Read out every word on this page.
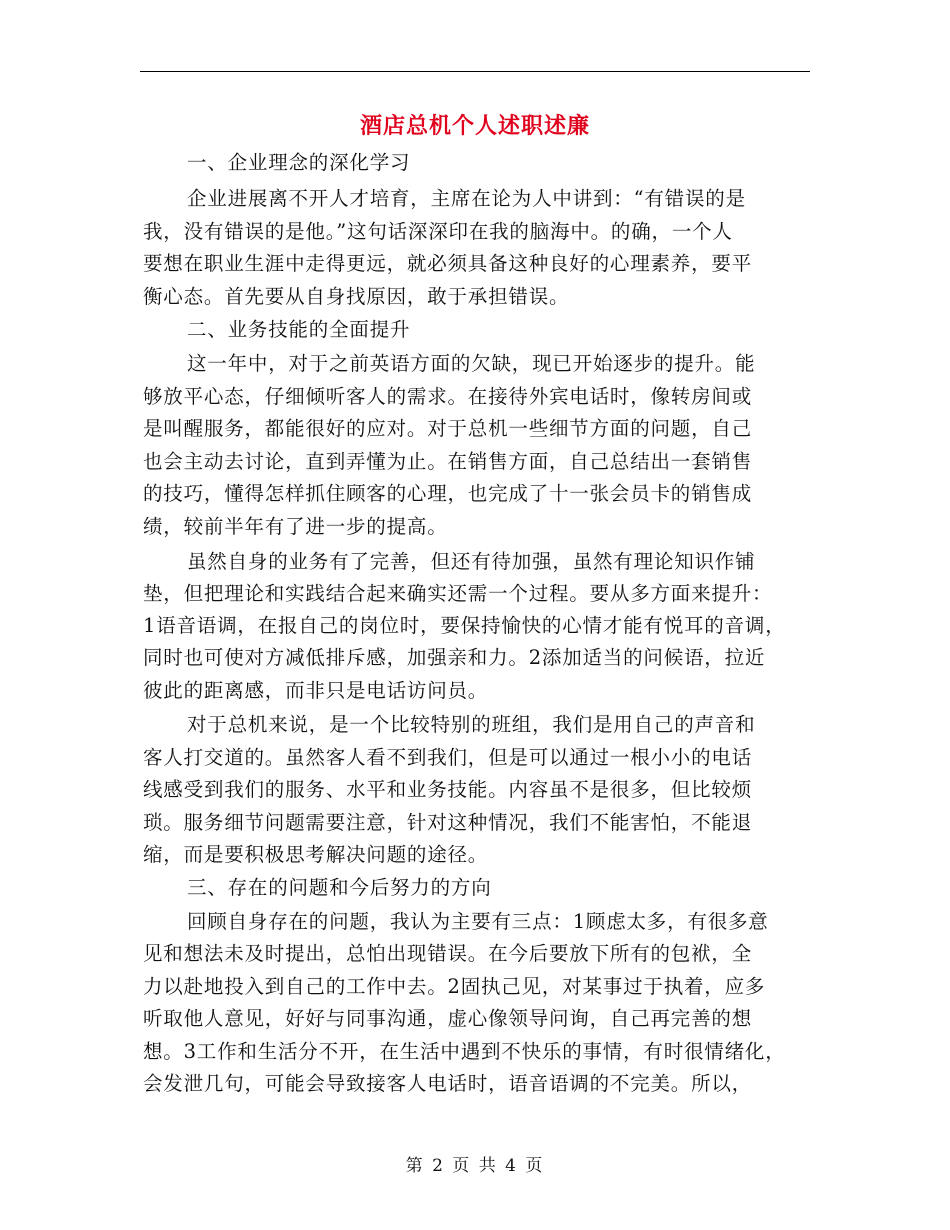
酒店总机个人述职述廉
一、企业理念的深化学习
企业进展离不开人才培育，主席在论为人中讲到：“有错误的是
我，没有错误的是他。”这句话深深印在我的脑海中。的确，一个人
要想在职业生涯中走得更远，就必须具备这种良好的心理素养，要平
衡心态。首先要从自身找原因，敢于承担错误。
二、业务技能的全面提升
这一年中，对于之前英语方面的欠缺，现已开始逐步的提升。能
够放平心态，仔细倾听客人的需求。在接待外宾电话时，像转房间或
是叫醒服务，都能很好的应对。对于总机一些细节方面的问题，自己
也会主动去讨论，直到弄懂为止。在销售方面，自己总结出一套销售
的技巧，懂得怎样抓住顾客的心理，也完成了十一张会员卡的销售成
绩，较前半年有了进一步的提高。
虽然自身的业务有了完善，但还有待加强，虽然有理论知识作铺
垫，但把理论和实践结合起来确实还需一个过程。要从多方面来提升：
1语音语调，在报自己的岗位时，要保持愉快的心情才能有悦耳的音调，
同时也可使对方减低排斥感，加强亲和力。2添加适当的问候语，拉近
彼此的距离感，而非只是电话访问员。
对于总机来说，是一个比较特别的班组，我们是用自己的声音和
客人打交道的。虽然客人看不到我们，但是可以通过一根小小的电话
线感受到我们的服务、水平和业务技能。内容虽不是很多，但比较烦
琐。服务细节问题需要注意，针对这种情况，我们不能害怕，不能退
缩，而是要积极思考解决问题的途径。
三、存在的问题和今后努力的方向
回顾自身存在的问题，我认为主要有三点：1顾虑太多，有很多意
见和想法未及时提出，总怕出现错误。在今后要放下所有的包袱，全
力以赴地投入到自己的工作中去。2固执己见，对某事过于执着，应多
听取他人意见，好好与同事沟通，虚心像领导问询，自己再完善的想
想。3工作和生活分不开，在生活中遇到不快乐的事情，有时很情绪化，
会发泄几句，可能会导致接客人电话时，语音语调的不完美。所以，
第 2 页 共 4 页
